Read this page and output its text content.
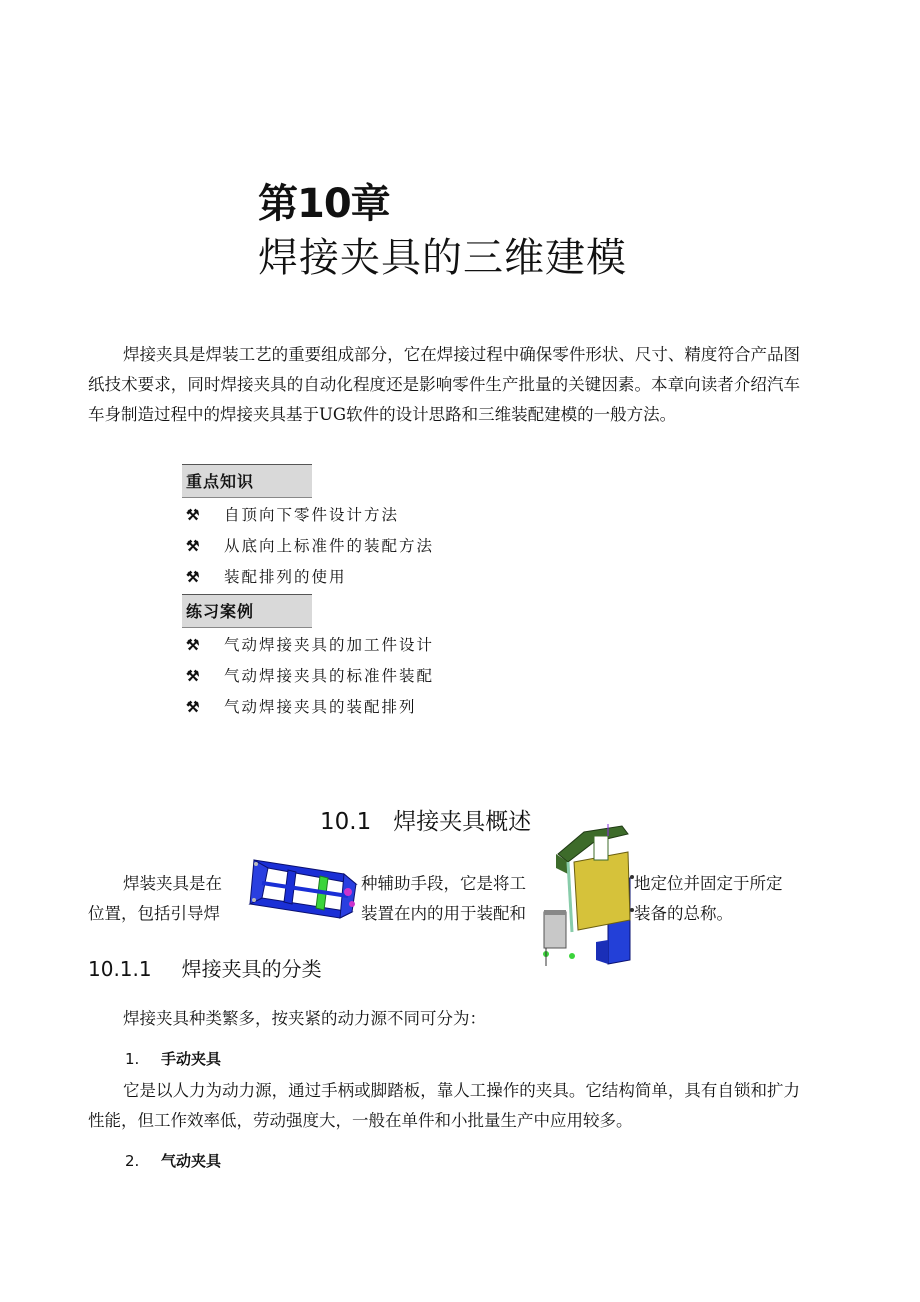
第10章
焊接夹具的三维建模

焊接夹具是焊装工艺的重要组成部分，它在焊接过程中确保零件形状、尺寸、精度符合产品图纸技术要求，同时焊接夹具的自动化程度还是影响零件生产批量的关键因素。本章向读者介绍汽车车身制造过程中的焊接夹具基于UG软件的设计思路和三维装配建模的一般方法。

重点知识
⚒	自顶向下零件设计方法
⚒	从底向上标准件的装配方法
⚒	装配排列的使用
练习案例
⚒	气动焊接夹具的加工件设计
⚒	气动焊接夹具的标准件装配
⚒	气动焊接夹具的装配排列
10.1 焊接夹具概述
焊装夹具是在	种辅助手段，它是将工	地定位并固定于所定
位置，包括引导焊	装置在内的用于装配和	装备的总称。
10.1.1 焊接夹具的分类

焊接夹具种类繁多，按夹紧的动力源不同可分为：

1. 手动夹具

它是以人力为动力源，通过手柄或脚踏板，靠人工操作的夹具。它结构简单，具有自锁和扩力性能，但工作效率低，劳动强度大，一般在单件和小批量生产中应用较多。

2. 气动夹具
